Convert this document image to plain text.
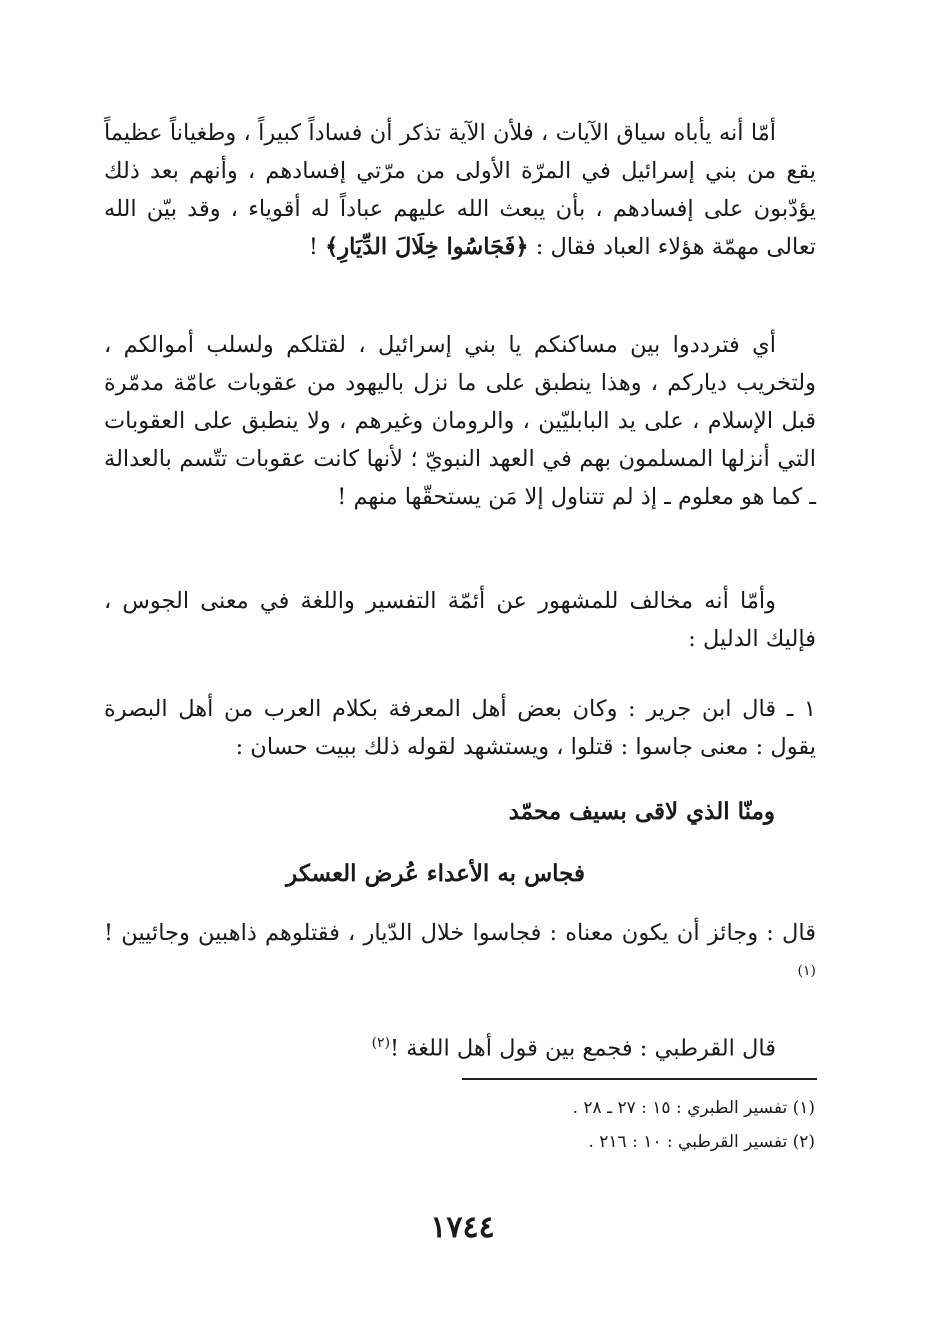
أمّا أنه يأباه سياق الآيات ، فلأن الآية تذكر أن فساداً كبيراً ، وطغياناً عظيماً يقع من بني إسرائيل في المرّة الأولى من مرّتي إفسادهم ، وأنهم بعد ذلك يؤدّبون على إفسادهم ، بأن يبعث الله عليهم عباداً له أقوياء ، وقد بيّن الله تعالى مهمّة هؤلاء العباد فقال : ﴿فَجَاسُوا خِلَالَ الدِّيَارِ﴾ !

أي فترددوا بين مساكنكم يا بني إسرائيل ، لقتلكم ولسلب أموالكم ، ولتخريب دياركم ، وهذا ينطبق على ما نزل باليهود من عقوبات عامّة مدمّرة قبل الإسلام ، على يد البابليّين ، والرومان وغيرهم ، ولا ينطبق على العقوبات التي أنزلها المسلمون بهم في العهد النبويّ ؛ لأنها كانت عقوبات تتّسم بالعدالة ـ كما هو معلوم ـ إذ لم تتناول إلا مَن يستحقّها منهم !

وأمّا أنه مخالف للمشهور عن أئمّة التفسير واللغة في معنى الجوس ، فإليك الدليل :

١ ـ قال ابن جرير : وكان بعض أهل المعرفة بكلام العرب من أهل البصرة يقول : معنى جاسوا : قتلوا ، ويستشهد لقوله ذلك ببيت حسان :

ومنّا الذي لاقى بسيف محمّد
فجاس به الأعداء عُرض العسكر

قال : وجائز أن يكون معناه : فجاسوا خلال الدّيار ، فقتلوهم ذاهبين وجائيين !$^{(١)}$

قال القرطبي : فجمع بين قول أهل اللغة !$^{(٢)}$

(١) تفسير الطبري : ١٥ : ٢٧ ـ ٢٨ .
(٢) تفسير القرطبي : ١٠ : ٢١٦ .
١٧٤٤
